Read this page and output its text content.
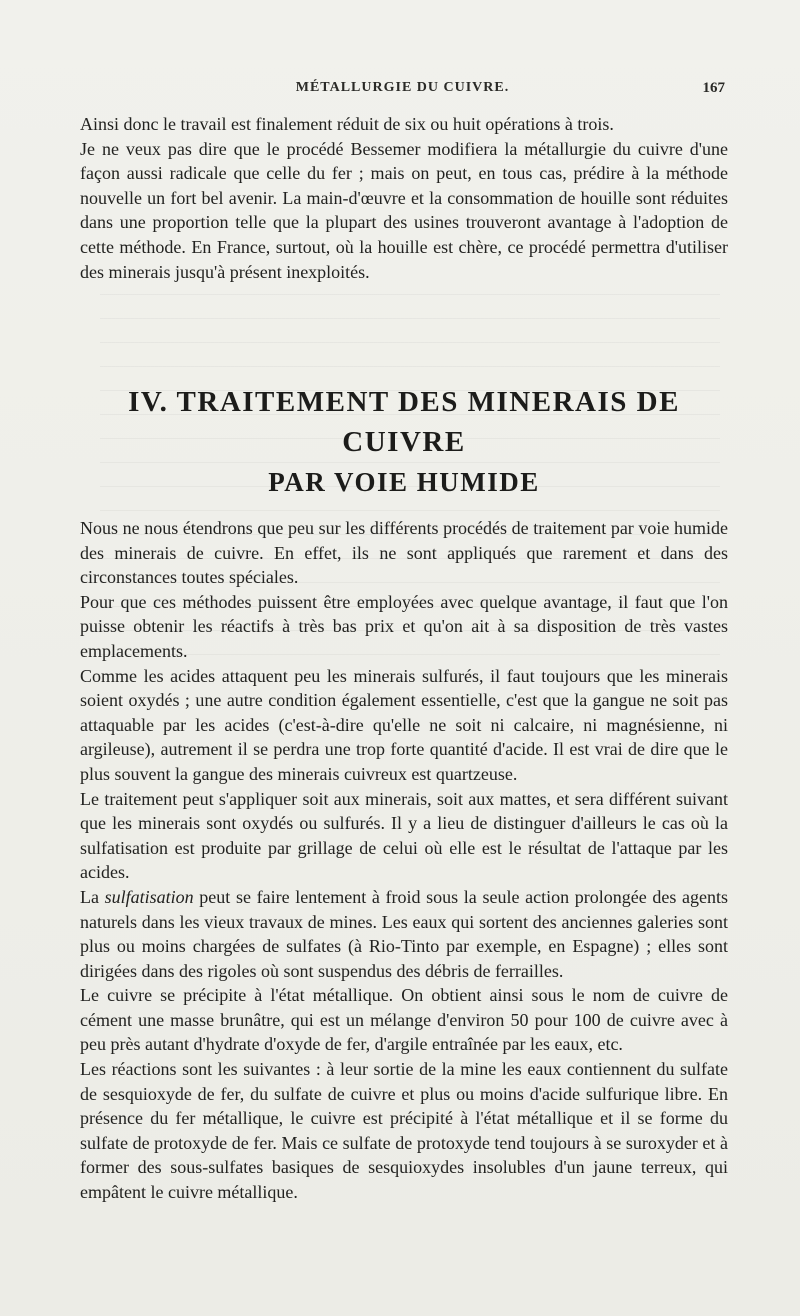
MÉTALLURGIE DU CUIVRE.	167

Ainsi donc le travail est finalement réduit de six ou huit opérations à trois.

Je ne veux pas dire que le procédé Bessemer modifiera la métallurgie du cuivre d'une façon aussi radicale que celle du fer ; mais on peut, en tous cas, prédire à la méthode nouvelle un fort bel avenir. La main-d'œuvre et la consommation de houille sont réduites dans une proportion telle que la plupart des usines trouveront avantage à l'adoption de cette méthode. En France, surtout, où la houille est chère, ce procédé permettra d'utiliser des minerais jusqu'à présent inexploités.

IV. TRAITEMENT DES MINERAIS DE CUIVRE
PAR VOIE HUMIDE

Nous ne nous étendrons que peu sur les différents procédés de traitement par voie humide des minerais de cuivre. En effet, ils ne sont appliqués que rarement et dans des circonstances toutes spéciales.

Pour que ces méthodes puissent être employées avec quelque avantage, il faut que l'on puisse obtenir les réactifs à très bas prix et qu'on ait à sa disposition de très vastes emplacements.

Comme les acides attaquent peu les minerais sulfurés, il faut toujours que les minerais soient oxydés ; une autre condition également essentielle, c'est que la gangue ne soit pas attaquable par les acides (c'est-à-dire qu'elle ne soit ni calcaire, ni magnésienne, ni argileuse), autrement il se perdra une trop forte quantité d'acide. Il est vrai de dire que le plus souvent la gangue des minerais cuivreux est quartzeuse.

Le traitement peut s'appliquer soit aux minerais, soit aux mattes, et sera différent suivant que les minerais sont oxydés ou sulfurés. Il y a lieu de distinguer d'ailleurs le cas où la sulfatisation est produite par grillage de celui où elle est le résultat de l'attaque par les acides.

La sulfatisation peut se faire lentement à froid sous la seule action prolongée des agents naturels dans les vieux travaux de mines. Les eaux qui sortent des anciennes galeries sont plus ou moins chargées de sulfates (à Rio-Tinto par exemple, en Espagne) ; elles sont dirigées dans des rigoles où sont suspendus des débris de ferrailles.

Le cuivre se précipite à l'état métallique. On obtient ainsi sous le nom de cuivre de cément une masse brunâtre, qui est un mélange d'environ 50 pour 100 de cuivre avec à peu près autant d'hydrate d'oxyde de fer, d'argile entraînée par les eaux, etc.

Les réactions sont les suivantes : à leur sortie de la mine les eaux contiennent du sulfate de sesquioxyde de fer, du sulfate de cuivre et plus ou moins d'acide sulfurique libre. En présence du fer métallique, le cuivre est précipité à l'état métallique et il se forme du sulfate de protoxyde de fer. Mais ce sulfate de protoxyde tend toujours à se suroxyder et à former des sous-sulfates basiques de sesquioxydes insolubles d'un jaune terreux, qui empâtent le cuivre métallique.
